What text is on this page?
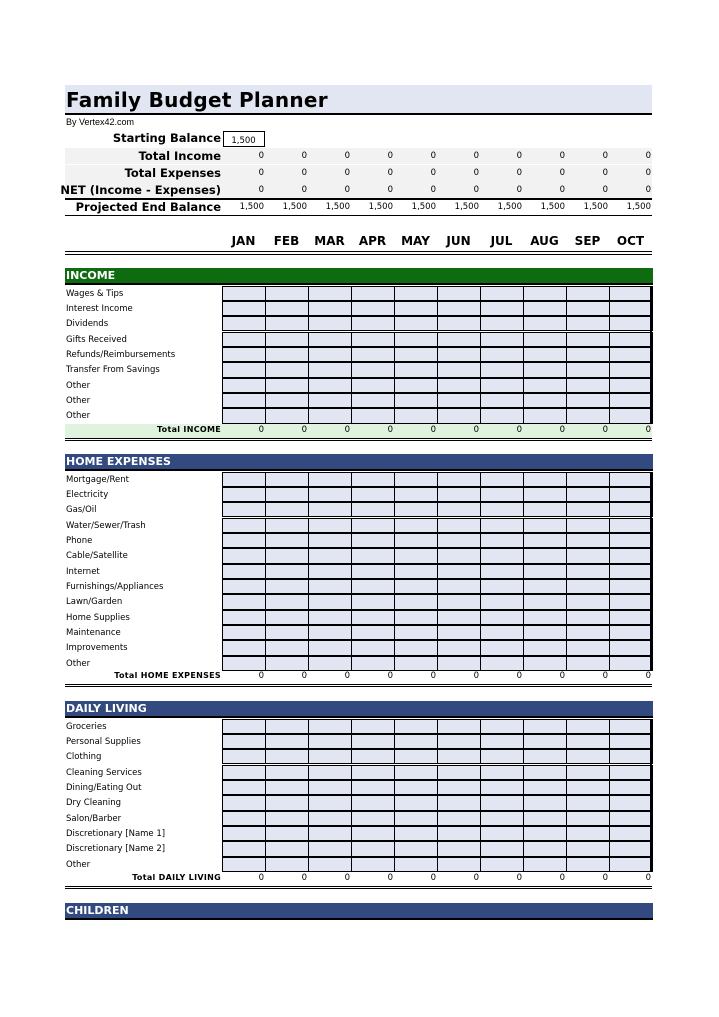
Family Budget Planner
By Vertex42.com
Starting Balance	1,500
Total Income	0	0	0	0	0	0	0	0	0	0
Total Expenses	0	0	0	0	0	0	0	0	0	0
NET (Income - Expenses)	0	0	0	0	0	0	0	0	0	0
Projected End Balance	1,500	1,500	1,500	1,500	1,500	1,500	1,500	1,500	1,500	1,500
JAN	FEB	MAR	APR	MAY	JUN	JUL	AUG	SEP	OCT
INCOME
Wages & Tips
Interest Income
Dividends
Gifts Received
Refunds/Reimbursements
Transfer From Savings
Other
Other
Other
Total INCOME	0	0	0	0	0	0	0	0	0	0
HOME EXPENSES
Mortgage/Rent
Electricity
Gas/Oil
Water/Sewer/Trash
Phone
Cable/Satellite
Internet
Furnishings/Appliances
Lawn/Garden
Home Supplies
Maintenance
Improvements
Other
Total HOME EXPENSES	0	0	0	0	0	0	0	0	0	0
DAILY LIVING
Groceries
Personal Supplies
Clothing
Cleaning Services
Dining/Eating Out
Dry Cleaning
Salon/Barber
Discretionary [Name 1]
Discretionary [Name 2]
Other
Total DAILY LIVING	0	0	0	0	0	0	0	0	0	0
CHILDREN
